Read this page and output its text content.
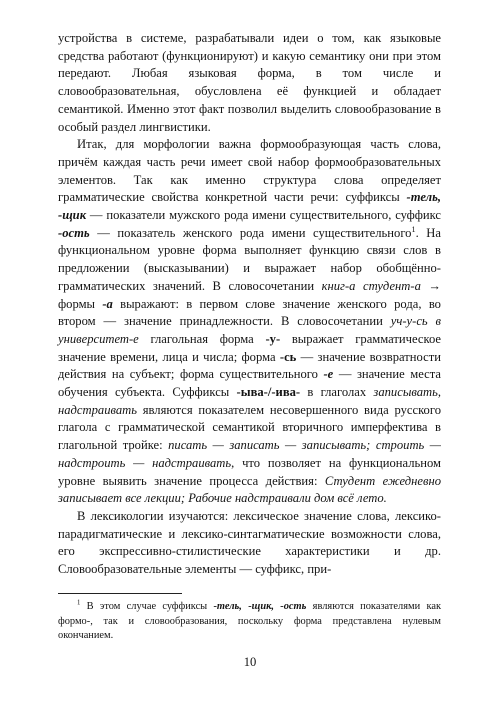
устройства в системе, разрабатывали идеи о том, как языковые средства работают (функционируют) и какую семантику они при этом передают. Любая языковая форма, в том числе и словообразовательная, обусловлена её функцией и обладает семантикой. Именно этот факт позволил выделить словообразование в особый раздел лингвистики.

Итак, для морфологии важна формообразующая часть слова, причём каждая часть речи имеет свой набор формообразовательных элементов. Так как именно структура слова определяет грамматические свойства конкретной части речи: суффиксы -тель, -щик — показатели мужского рода имени существительного, суффикс -ость — показатель женского рода имени существительного$^1$. На функциональном уровне форма выполняет функцию связи слов в предложении (высказывании) и выражает набор обобщённо-грамматических значений. В словосочетании книг-а студент-а → формы -а выражают: в первом слове значение женского рода, во втором — значение принадлежности. В словосочетании уч-у-сь в университет-е глагольная форма -у- выражает грамматическое значение времени, лица и числа; форма -сь — значение возвратности действия на субъект; форма существительного -е — значение места обучения субъекта. Суффиксы -ыва-/-ива- в глаголах записывать, надстраивать являются показателем несовершенного вида русского глагола с грамматической семантикой вторичного имперфектива в глагольной тройке: писать — записать — записывать; строить — надстроить — надстраивать, что позволяет на функциональном уровне выявить значение процесса действия: Студент ежедневно записывает все лекции; Рабочие надстраивали дом всё лето.

В лексикологии изучаются: лексическое значение слова, лексико-парадигматические и лексико-синтагматические возможности слова, его экспрессивно-стилистические характеристики и др. Словообразовательные элементы — суффикс, при-

$^1$ В этом случае суффиксы -тель, -щик, -ость являются показателями как формо-, так и словообразования, поскольку форма представлена нулевым окончанием.
10
